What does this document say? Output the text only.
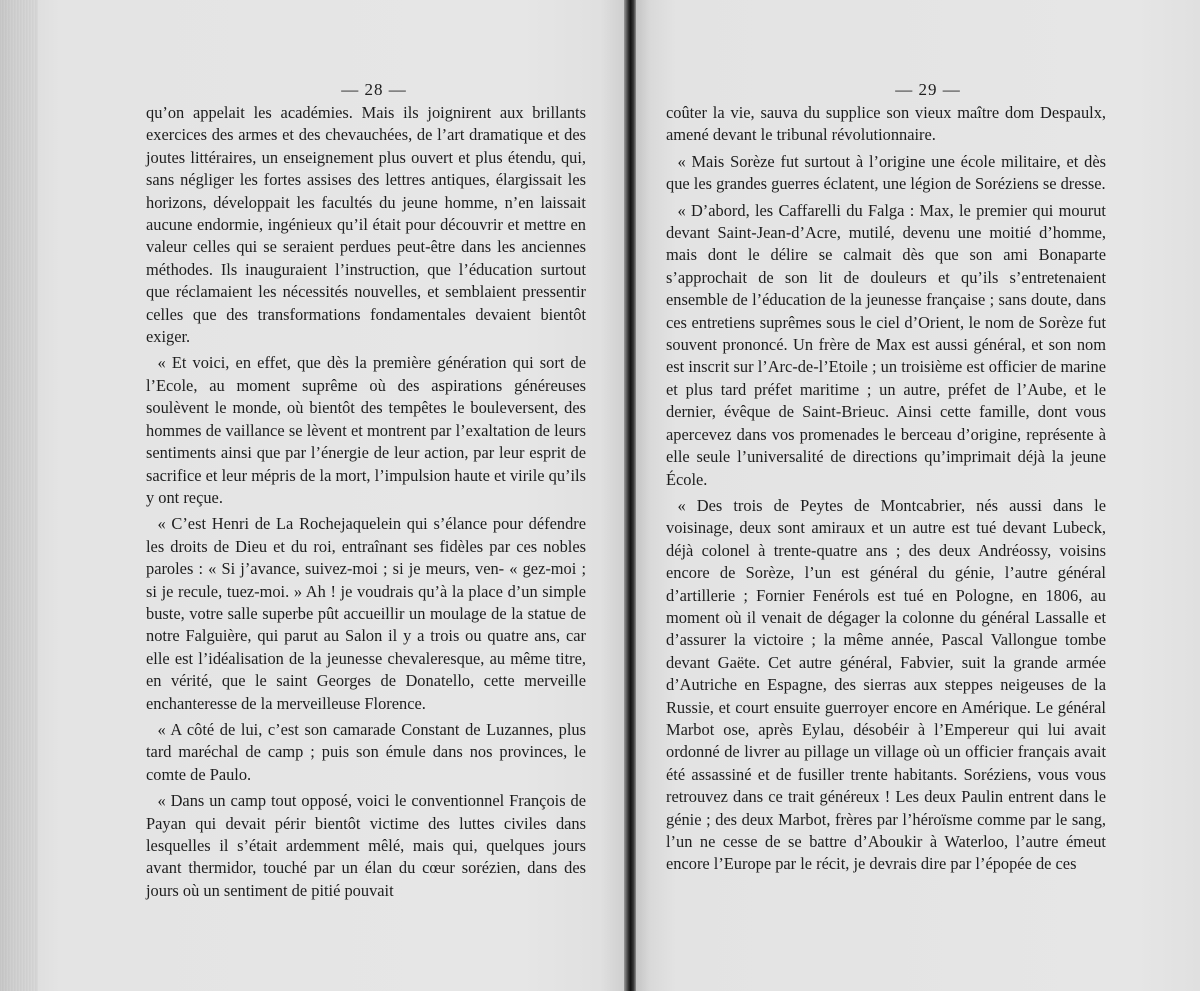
— 28 —

qu’on appelait les académies. Mais ils joignirent aux brillants exercices des armes et des chevauchées, de l’art dramatique et des joutes littéraires, un enseignement plus ouvert et plus étendu, qui, sans négliger les fortes assises des lettres antiques, élargissait les horizons, développait les facultés du jeune homme, n’en laissait aucune endormie, ingénieux qu’il était pour découvrir et mettre en valeur celles qui se seraient perdues peut-être dans les anciennes méthodes. Ils inauguraient l’instruction, que l’éducation surtout que réclamaient les nécessités nouvelles, et semblaient pressentir celles que des transformations fondamentales devaient bientôt exiger.

« Et voici, en effet, que dès la première génération qui sort de l’Ecole, au moment suprême où des aspirations généreuses soulèvent le monde, où bientôt des tempêtes le bouleversent, des hommes de vaillance se lèvent et montrent par l’exaltation de leurs sentiments ainsi que par l’énergie de leur action, par leur esprit de sacrifice et leur mépris de la mort, l’impulsion haute et virile qu’ils y ont reçue.

« C’est Henri de La Rochejaquelein qui s’élance pour défendre les droits de Dieu et du roi, entraînant ses fidèles par ces nobles paroles : « Si j’avance, suivez-moi ; si je meurs, ven- « gez-moi ; si je recule, tuez-moi. » Ah ! je voudrais qu’à la place d’un simple buste, votre salle superbe pût accueillir un moulage de la statue de notre Falguière, qui parut au Salon il y a trois ou quatre ans, car elle est l’idéalisation de la jeunesse chevaleresque, au même titre, en vérité, que le saint Georges de Donatello, cette merveille enchanteresse de la merveilleuse Florence.

« A côté de lui, c’est son camarade Constant de Luzannes, plus tard maréchal de camp ; puis son émule dans nos provinces, le comte de Paulo.

« Dans un camp tout opposé, voici le conventionnel François de Payan qui devait périr bientôt victime des luttes civiles dans lesquelles il s’était ardemment mêlé, mais qui, quelques jours avant thermidor, touché par un élan du cœur sorézien, dans des jours où un sentiment de pitié pouvait

— 29 —

coûter la vie, sauva du supplice son vieux maître dom Despaulx, amené devant le tribunal révolutionnaire.

« Mais Sorèze fut surtout à l’origine une école militaire, et dès que les grandes guerres éclatent, une légion de Soréziens se dresse.

« D’abord, les Caffarelli du Falga : Max, le premier qui mourut devant Saint-Jean-d’Acre, mutilé, devenu une moitié d’homme, mais dont le délire se calmait dès que son ami Bonaparte s’approchait de son lit de douleurs et qu’ils s’entretenaient ensemble de l’éducation de la jeunesse française ; sans doute, dans ces entretiens suprêmes sous le ciel d’Orient, le nom de Sorèze fut souvent prononcé. Un frère de Max est aussi général, et son nom est inscrit sur l’Arc-de-l’Etoile ; un troisième est officier de marine et plus tard préfet maritime ; un autre, préfet de l’Aube, et le dernier, évêque de Saint-Brieuc. Ainsi cette famille, dont vous apercevez dans vos promenades le berceau d’origine, représente à elle seule l’universalité de directions qu’imprimait déjà la jeune École.

« Des trois de Peytes de Montcabrier, nés aussi dans le voisinage, deux sont amiraux et un autre est tué devant Lubeck, déjà colonel à trente-quatre ans ; des deux Andréossy, voisins encore de Sorèze, l’un est général du génie, l’autre général d’artillerie ; Fornier Fenérols est tué en Pologne, en 1806, au moment où il venait de dégager la colonne du général Lassalle et d’assurer la victoire ; la même année, Pascal Vallongue tombe devant Gaëte. Cet autre général, Fabvier, suit la grande armée d’Autriche en Espagne, des sierras aux steppes neigeuses de la Russie, et court ensuite guerroyer encore en Amérique. Le général Marbot ose, après Eylau, désobéir à l’Empereur qui lui avait ordonné de livrer au pillage un village où un officier français avait été assassiné et de fusiller trente habitants. Soréziens, vous vous retrouvez dans ce trait généreux ! Les deux Paulin entrent dans le génie ; des deux Marbot, frères par l’héroïsme comme par le sang, l’un ne cesse de se battre d’Aboukir à Waterloo, l’autre émeut encore l’Europe par le récit, je devrais dire par l’épopée de ces
